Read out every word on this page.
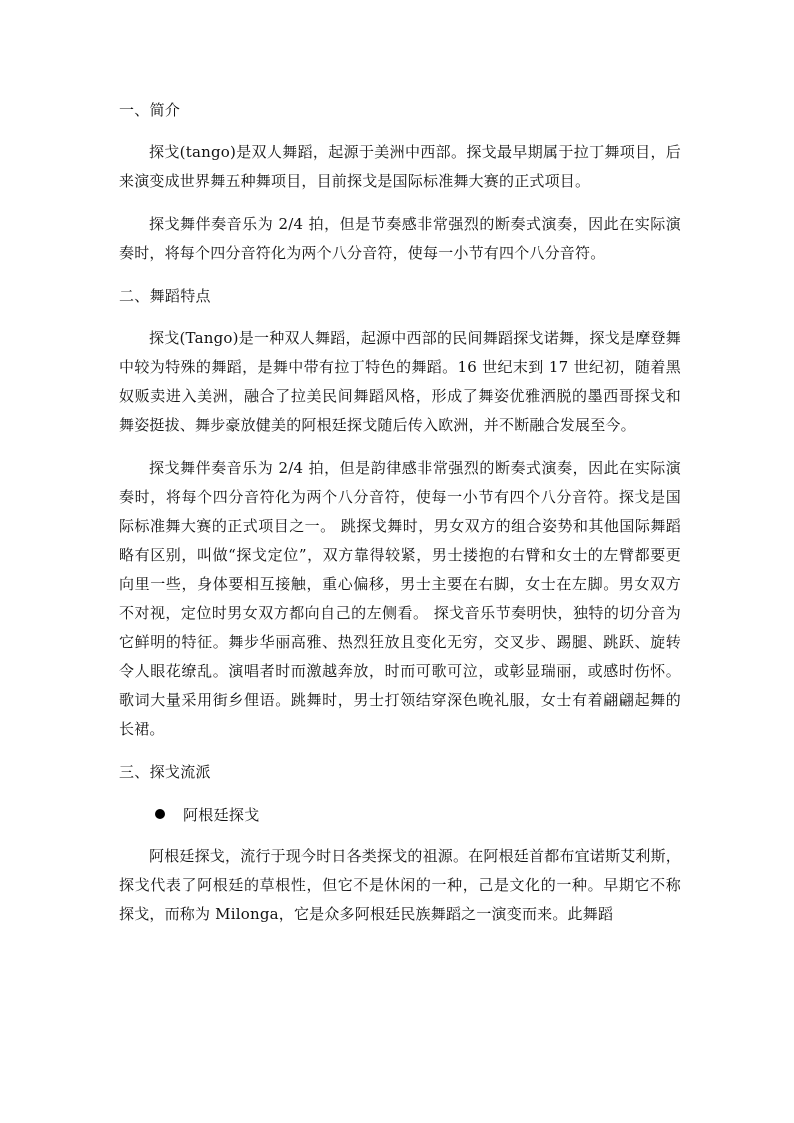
一、简介

探戈(tango)是双人舞蹈，起源于美洲中西部。探戈最早期属于拉丁舞项目，后来演变成世界舞五种舞项目，目前探戈是国际标准舞大赛的正式项目。

探戈舞伴奏音乐为 2/4 拍，但是节奏感非常强烈的断奏式演奏，因此在实际演奏时，将每个四分音符化为两个八分音符，使每一小节有四个八分音符。

二、舞蹈特点

探戈(Tango)是一种双人舞蹈，起源中西部的民间舞蹈探戈诺舞，探戈是摩登舞中较为特殊的舞蹈，是舞中带有拉丁特色的舞蹈。16 世纪末到 17 世纪初，随着黑奴贩卖进入美洲，融合了拉美民间舞蹈风格，形成了舞姿优雅洒脱的墨西哥探戈和舞姿挺拔、舞步豪放健美的阿根廷探戈随后传入欧洲，并不断融合发展至今。

探戈舞伴奏音乐为 2/4 拍，但是韵律感非常强烈的断奏式演奏，因此在实际演奏时，将每个四分音符化为两个八分音符，使每一小节有四个八分音符。探戈是国际标准舞大赛的正式项目之一。 跳探戈舞时，男女双方的组合姿势和其他国际舞蹈略有区别，叫做“探戈定位”，双方靠得较紧，男士搂抱的右臂和女士的左臂都要更向里一些，身体要相互接触，重心偏移，男士主要在右脚，女士在左脚。男女双方不对视，定位时男女双方都向自己的左侧看。 探戈音乐节奏明快，独特的切分音为它鲜明的特征。舞步华丽高雅、热烈狂放且变化无穷，交叉步、踢腿、跳跃、旋转令人眼花缭乱。演唱者时而激越奔放，时而可歌可泣，或彰显瑞丽，或感时伤怀。歌词大量采用街乡俚语。跳舞时，男士打领结穿深色晚礼服，女士有着翩翩起舞的长裙。

三、探戈流派
阿根廷探戈

阿根廷探戈，流行于现今时日各类探戈的祖源。在阿根廷首都布宜诺斯艾利斯，探戈代表了阿根廷的草根性，但它不是休闲的一种，己是文化的一种。早期它不称探戈，而称为 Milonga，它是众多阿根廷民族舞蹈之一演变而来。此舞蹈
